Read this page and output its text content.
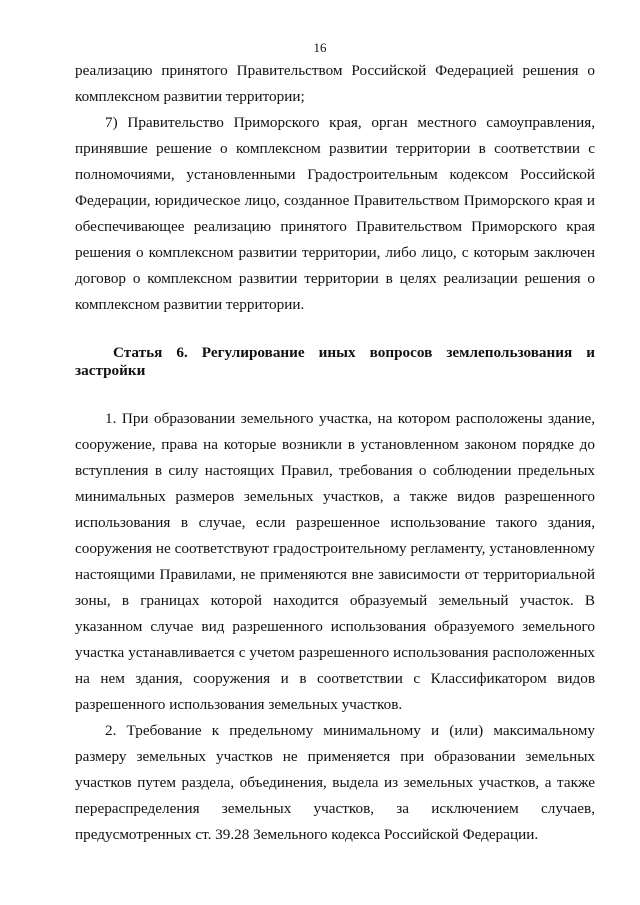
16

реализацию принятого Правительством Российской Федерацией решения о комплексном развитии территории;

7) Правительство Приморского края, орган местного самоуправления, принявшие решение о комплексном развитии территории в соответствии с полномочиями, установленными Градостроительным кодексом Российской Федерации, юридическое лицо, созданное Правительством Приморского края и обеспечивающее реализацию принятого Правительством Приморского края решения о комплексном развитии территории, либо лицо, с которым заключен договор о комплексном развитии территории в целях реализации решения о комплексном развитии территории.

Статья 6. Регулирование иных вопросов землепользования и застройки

1. При образовании земельного участка, на котором расположены здание, сооружение, права на которые возникли в установленном законом порядке до вступления в силу настоящих Правил, требования о соблюдении предельных минимальных размеров земельных участков, а также видов разрешенного использования в случае, если разрешенное использование такого здания, сооружения не соответствуют градостроительному регламенту, установленному настоящими Правилами, не применяются вне зависимости от территориальной зоны, в границах которой находится образуемый земельный участок. В указанном случае вид разрешенного использования образуемого земельного участка устанавливается с учетом разрешенного использования расположенных на нем здания, сооружения и в соответствии с Классификатором видов разрешенного использования земельных участков.

2. Требование к предельному минимальному и (или) максимальному размеру земельных участков не применяется при образовании земельных участков путем раздела, объединения, выдела из земельных участков, а также перераспределения земельных участков, за исключением случаев, предусмотренных ст. 39.28 Земельного кодекса Российской Федерации.
